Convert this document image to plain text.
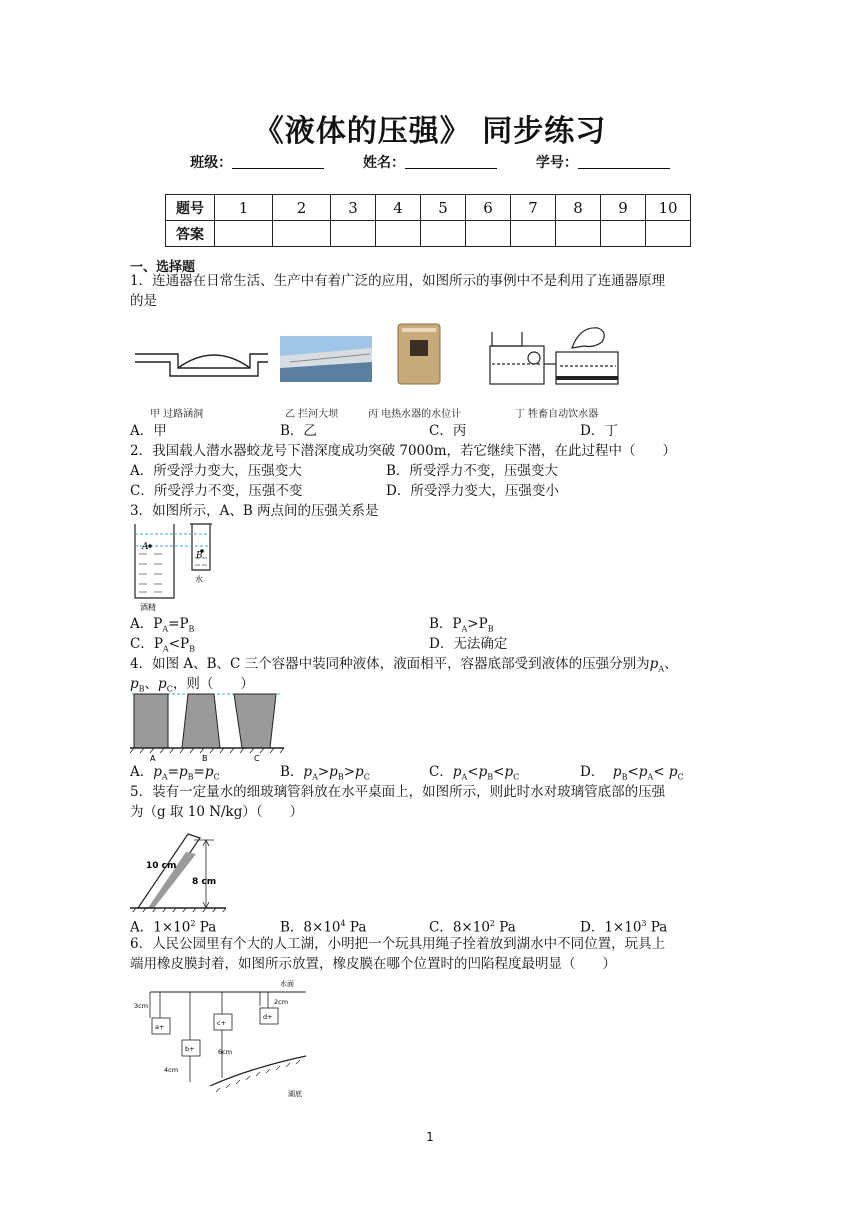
《液体的压强》 同步练习
班级：	姓名：	学号：
题号	1	2	3	4	5	6	7	8	9	10
答案										
一、选择题
1．连通器在日常生活、生产中有着广泛的应用，如图所示的事例中不是利用了连通器原理
的是
甲 过路涵洞	乙 拦河大坝	丙 电热水器的水位计	丁 牲畜自动饮水器
A．甲	B．乙	C．丙	D．丁
2．我国载人潜水器蛟龙号下潜深度成功突破 7000m，若它继续下潜，在此过程中（　　）
A．所受浮力变大，压强变大	B．所受浮力不变，压强变大
C．所受浮力不变，压强不变	D．所受浮力变大，压强变小
3．如图所示，A、B 两点间的压强关系是
A
B
水
酒精
A．$P_A=P_B$	B．$P_A>P_B$
C．$P_A<P_B$	D．无法确定
4．如图 A、B、C 三个容器中装同种液体，液面相平，容器底部受到液体的压强分别为$p_A$、
$p_B$、$p_C$，则（　　）
A	B	C
A．$p_A=p_B=p_C$	B．$p_A>p_B>p_C$	C．$p_A<p_B<p_C$	D． $p_B<p_A< p_C$
5．装有一定量水的细玻璃管斜放在水平桌面上，如图所示，则此时水对玻璃管底部的压强
为（g 取 10 N/kg）（　　）
10 cm
8 cm
A．$1\times 10^2$ Pa	B．$8\times 10^4$ Pa	C．$8\times 10^2$ Pa	D．$1\times 10^3$ Pa
6．人民公园里有个大的人工湖，小明把一个玩具用绳子拴着放到湖水中不同位置，玩具上
端用橡皮膜封着，如图所示放置，橡皮膜在哪个位置时的凹陷程度最明显（　　）
水面
a+
b+
c+
d+
3cm	2cm
4cm
6cm
湖底
1
